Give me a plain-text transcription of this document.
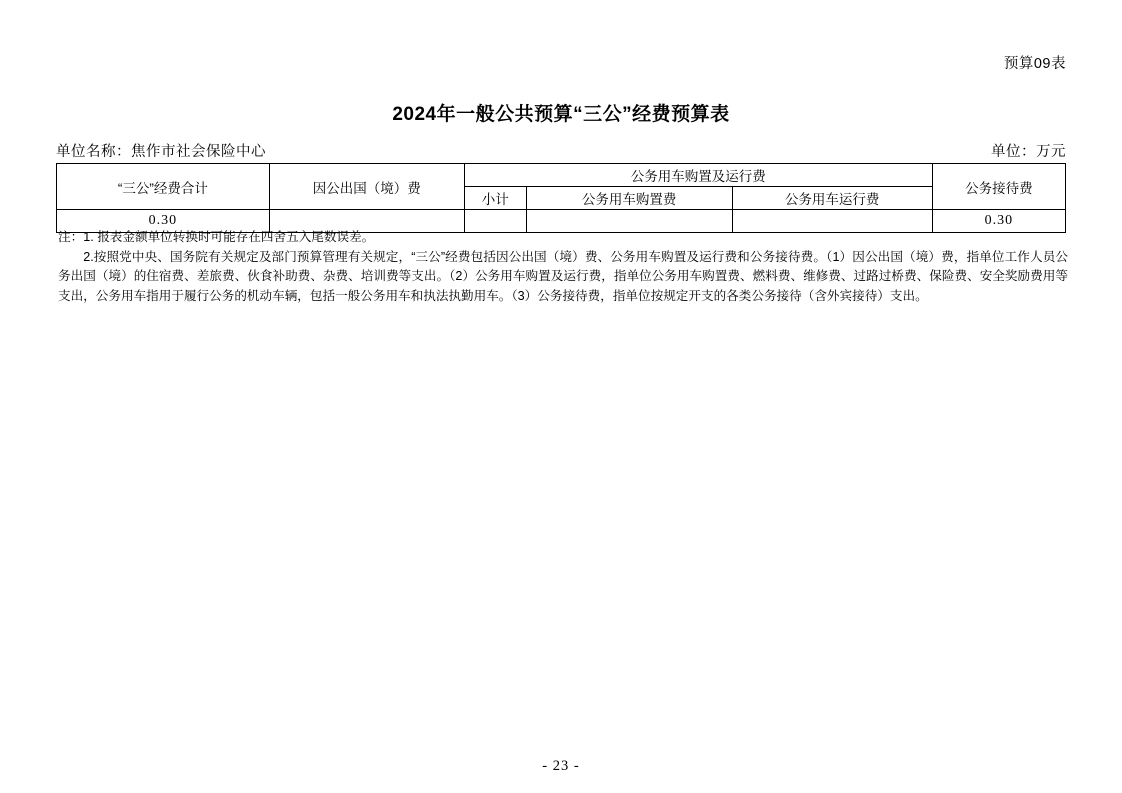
预算09表
2024年一般公共预算“三公”经费预算表
单位名称：焦作市社会保险中心	单位：万元
“三公”经费合计	因公出国（境）费	公务用车购置及运行费			公务接待费
		小计	公务用车购置费	公务用车运行费	
0.30					0.30

注：1. 报表金额单位转换时可能存在四舍五入尾数误差。

2.按照党中央、国务院有关规定及部门预算管理有关规定，“三公”经费包括因公出国（境）费、公务用车购置及运行费和公务接待费。（1）因公出国（境）费，指单位工作人员公务出国（境）的住宿费、差旅费、伙食补助费、杂费、培训费等支出。（2）公务用车购置及运行费，指单位公务用车购置费、燃料费、维修费、过路过桥费、保险费、安全奖励费用等支出，公务用车指用于履行公务的机动车辆，包括一般公务用车和执法执勤用车。（3）公务接待费，指单位按规定开支的各类公务接待（含外宾接待）支出。

- 23 -
